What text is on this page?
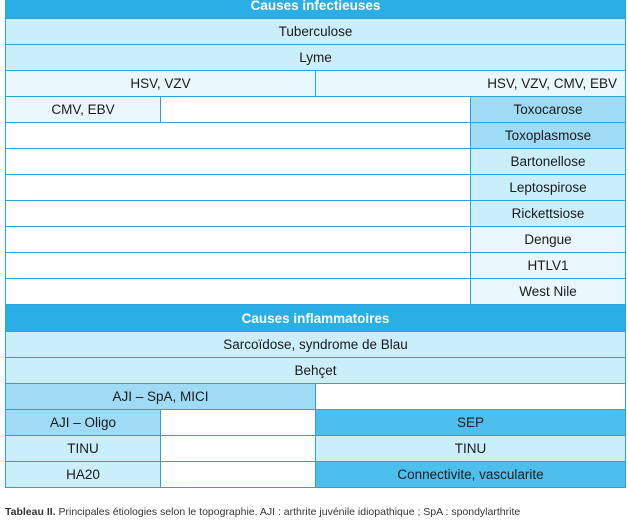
Causes infectieuses			
Tuberculose			
Lyme			
HSV, VZV		HSV, VZV, CMV, EBV	
CMV, EBV			Toxocarose
			Toxoplasmose
			Bartonellose
			Leptospirose
			Rickettsiose
			Dengue
			HTLV1
			West Nile
Causes inflammatoires			
Sarcoïdose, syndrome de Blau			
Behçet			
AJI – SpA, MICI			
AJI – Oligo		SEP	
TINU		TINU	
HA20		Connectivite, vascularite	
Tableau II. Principales étiologies selon le topographie. AJI : arthrite juvénile idiopathique ; SpA : spondylarthrite
